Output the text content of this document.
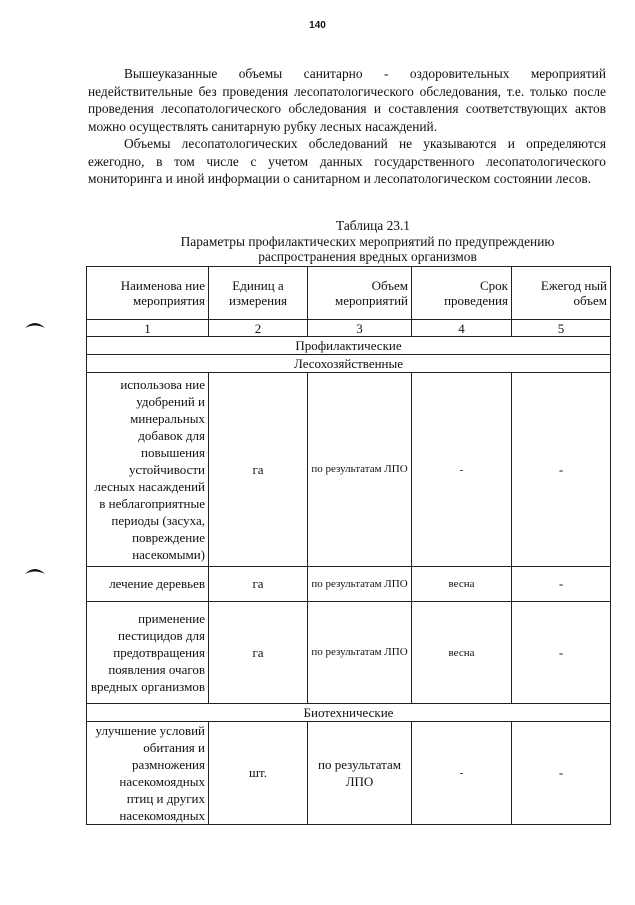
140

Вышеуказанные объемы санитарно - оздоровительных мероприятий недействительные без проведения лесопатологического обследования, т.е. только после проведения лесопатологического обследования и составления соответствующих актов можно осуществлять санитарную рубку лесных насаждений.

Объемы лесопатологических обследований не указываются и определяются ежегодно, в том числе с учетом данных государственного лесопатологического мониторинга и иной информации о санитарном и лесопатологическом состоянии лесов.

Таблица 23.1
Параметры профилактических мероприятий по предупреждению распространения вредных организмов
Наименова ние мероприятия	Единиц а измерения	Объем мероприятий	Срок проведения	Ежегод ный объем
1	2	3	4	5
Профилактические				
Лесохозяйственные				
использова ние удобрений и минеральных добавок для повышения устойчивости лесных насаждений в неблагоприятные периоды (засуха, повреждение насекомыми)	га	по результатам ЛПО	-	-
лечение деревьев	га	по результатам ЛПО	весна	-
применение пестицидов для предотвращения появления очагов вредных организмов	га	по результатам ЛПО	весна	-
Биотехнические				
улучшение условий обитания и размножения насекомоядных птиц и других насекомоядных	шт.	по результатам ЛПО	-	-
